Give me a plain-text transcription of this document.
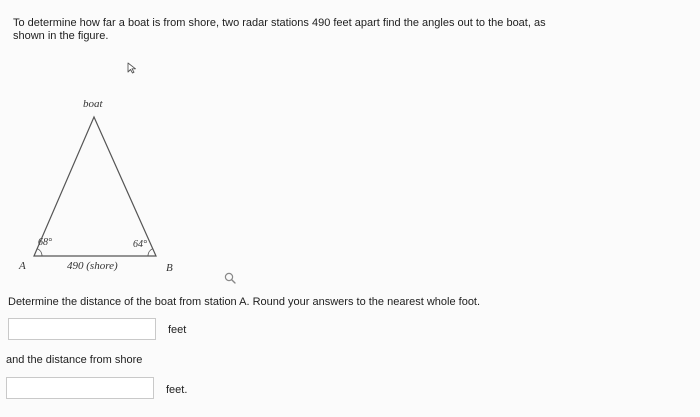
To determine how far a boat is from shore, two radar stations 490 feet apart find the angles out to the boat, as shown in the figure.
boat
68°	64°
A	490 (shore)	B
Determine the distance of the boat from station A. Round your answers to the nearest whole foot.
feet
and the distance from shore
feet.
